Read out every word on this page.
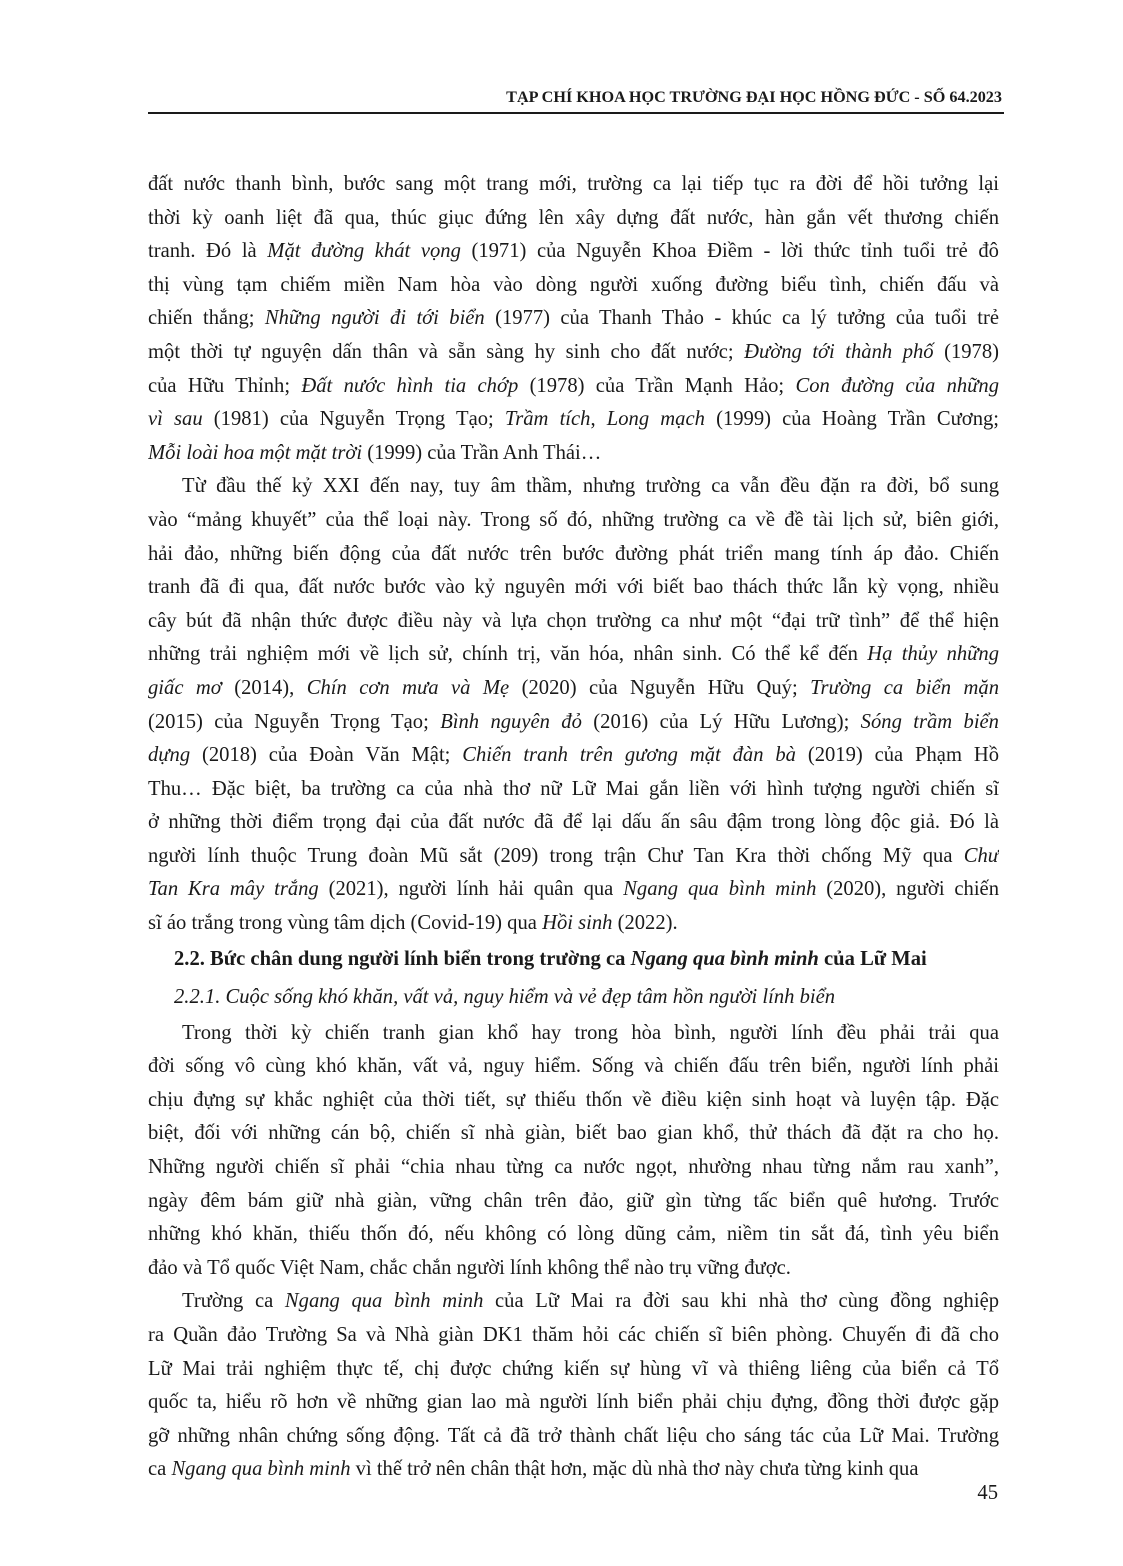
TẠP CHÍ KHOA HỌC TRƯỜNG ĐẠI HỌC HỒNG ĐỨC - SỐ 64.2023
đất nước thanh bình, bước sang một trang mới, trường ca lại tiếp tục ra đời để hồi tưởng lại
thời kỳ oanh liệt đã qua, thúc giục đứng lên xây dựng đất nước, hàn gắn vết thương chiến
tranh. Đó là Mặt đường khát vọng (1971) của Nguyễn Khoa Điềm - lời thức tỉnh tuổi trẻ đô
thị vùng tạm chiếm miền Nam hòa vào dòng người xuống đường biểu tình, chiến đấu và
chiến thắng; Những người đi tới biển (1977) của Thanh Thảo - khúc ca lý tưởng của tuổi trẻ
một thời tự nguyện dấn thân và sẵn sàng hy sinh cho đất nước; Đường tới thành phố (1978)
của Hữu Thỉnh; Đất nước hình tia chớp (1978) của Trần Mạnh Hảo; Con đường của những
vì sau (1981) của Nguyễn Trọng Tạo; Trầm tích, Long mạch (1999) của Hoàng Trần Cương;
Mỗi loài hoa một mặt trời (1999) của Trần Anh Thái…
Từ đầu thế kỷ XXI đến nay, tuy âm thầm, nhưng trường ca vẫn đều đặn ra đời, bổ sung
vào “mảng khuyết” của thể loại này. Trong số đó, những trường ca về đề tài lịch sử, biên giới,
hải đảo, những biến động của đất nước trên bước đường phát triển mang tính áp đảo. Chiến
tranh đã đi qua, đất nước bước vào kỷ nguyên mới với biết bao thách thức lẫn kỳ vọng, nhiều
cây bút đã nhận thức được điều này và lựa chọn trường ca như một “đại trữ tình” để thể hiện
những trải nghiệm mới về lịch sử, chính trị, văn hóa, nhân sinh. Có thể kể đến Hạ thủy những
giấc mơ (2014), Chín cơn mưa và Mẹ (2020) của Nguyễn Hữu Quý; Trường ca biển mặn
(2015) của Nguyễn Trọng Tạo; Bình nguyên đỏ (2016) của Lý Hữu Lương); Sóng trầm biển
dựng (2018) của Đoàn Văn Mật; Chiến tranh trên gương mặt đàn bà (2019) của Phạm Hồ
Thu… Đặc biệt, ba trường ca của nhà thơ nữ Lữ Mai gắn liền với hình tượng người chiến sĩ
ở những thời điểm trọng đại của đất nước đã để lại dấu ấn sâu đậm trong lòng độc giả. Đó là
người lính thuộc Trung đoàn Mũ sắt (209) trong trận Chư Tan Kra thời chống Mỹ qua Chư
Tan Kra mây trắng (2021), người lính hải quân qua Ngang qua bình minh (2020), người chiến
sĩ áo trắng trong vùng tâm dịch (Covid-19) qua Hồi sinh (2022).
2.2. Bức chân dung người lính biển trong trường ca Ngang qua bình minh của Lữ Mai
2.2.1. Cuộc sống khó khăn, vất vả, nguy hiểm và vẻ đẹp tâm hồn người lính biển
Trong thời kỳ chiến tranh gian khổ hay trong hòa bình, người lính đều phải trải qua
đời sống vô cùng khó khăn, vất vả, nguy hiểm. Sống và chiến đấu trên biển, người lính phải
chịu đựng sự khắc nghiệt của thời tiết, sự thiếu thốn về điều kiện sinh hoạt và luyện tập. Đặc
biệt, đối với những cán bộ, chiến sĩ nhà giàn, biết bao gian khổ, thử thách đã đặt ra cho họ.
Những người chiến sĩ phải “chia nhau từng ca nước ngọt, nhường nhau từng nắm rau xanh”,
ngày đêm bám giữ nhà giàn, vững chân trên đảo, giữ gìn từng tấc biển quê hương. Trước
những khó khăn, thiếu thốn đó, nếu không có lòng dũng cảm, niềm tin sắt đá, tình yêu biển
đảo và Tổ quốc Việt Nam, chắc chắn người lính không thể nào trụ vững được.
Trường ca Ngang qua bình minh của Lữ Mai ra đời sau khi nhà thơ cùng đồng nghiệp
ra Quần đảo Trường Sa và Nhà giàn DK1 thăm hỏi các chiến sĩ biên phòng. Chuyến đi đã cho
Lữ Mai trải nghiệm thực tế, chị được chứng kiến sự hùng vĩ và thiêng liêng của biển cả Tổ
quốc ta, hiểu rõ hơn về những gian lao mà người lính biển phải chịu đựng, đồng thời được gặp
gỡ những nhân chứng sống động. Tất cả đã trở thành chất liệu cho sáng tác của Lữ Mai. Trường
ca Ngang qua bình minh vì thế trở nên chân thật hơn, mặc dù nhà thơ này chưa từng kinh qua
45
